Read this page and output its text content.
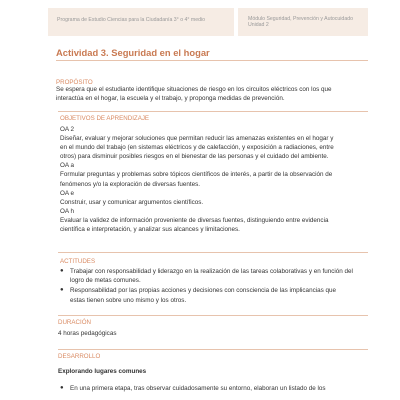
Programa de Estudio Ciencias para la Ciudadanía 3° o 4° medio	Módulo Seguridad, Prevención y Autocuidado
Unidad 2
Actividad 3. Seguridad en el hogar
PROPÓSITO
Se espera que el estudiante identifique situaciones de riesgo en los circuitos eléctricos con los que
interactúa en el hogar, la escuela y el trabajo, y proponga medidas de prevención.
OBJETIVOS DE APRENDIZAJE
OA 2
Diseñar, evaluar y mejorar soluciones que permitan reducir las amenazas existentes en el hogar y
en el mundo del trabajo (en sistemas eléctricos y de calefacción, y exposición a radiaciones, entre
otros) para disminuir posibles riesgos en el bienestar de las personas y el cuidado del ambiente.
OA a
Formular preguntas y problemas sobre tópicos científicos de interés, a partir de la observación de
fenómenos y/o la exploración de diversas fuentes.
OA e
Construir, usar y comunicar argumentos científicos.
OA h
Evaluar la validez de información proveniente de diversas fuentes, distinguiendo entre evidencia
científica e interpretación, y analizar sus alcances y limitaciones.
ACTITUDES
● Trabajar con responsabilidad y liderazgo en la realización de las tareas colaborativas y en función del
logro de metas comunes.
● Responsabilidad por las propias acciones y decisiones con consciencia de las implicancias que
estas tienen sobre uno mismo y los otros.
DURACIÓN
4 horas pedagógicas
DESARROLLO
Explorando lugares comunes
● En una primera etapa, tras observar cuidadosamente su entorno, elaboran un listado de los
